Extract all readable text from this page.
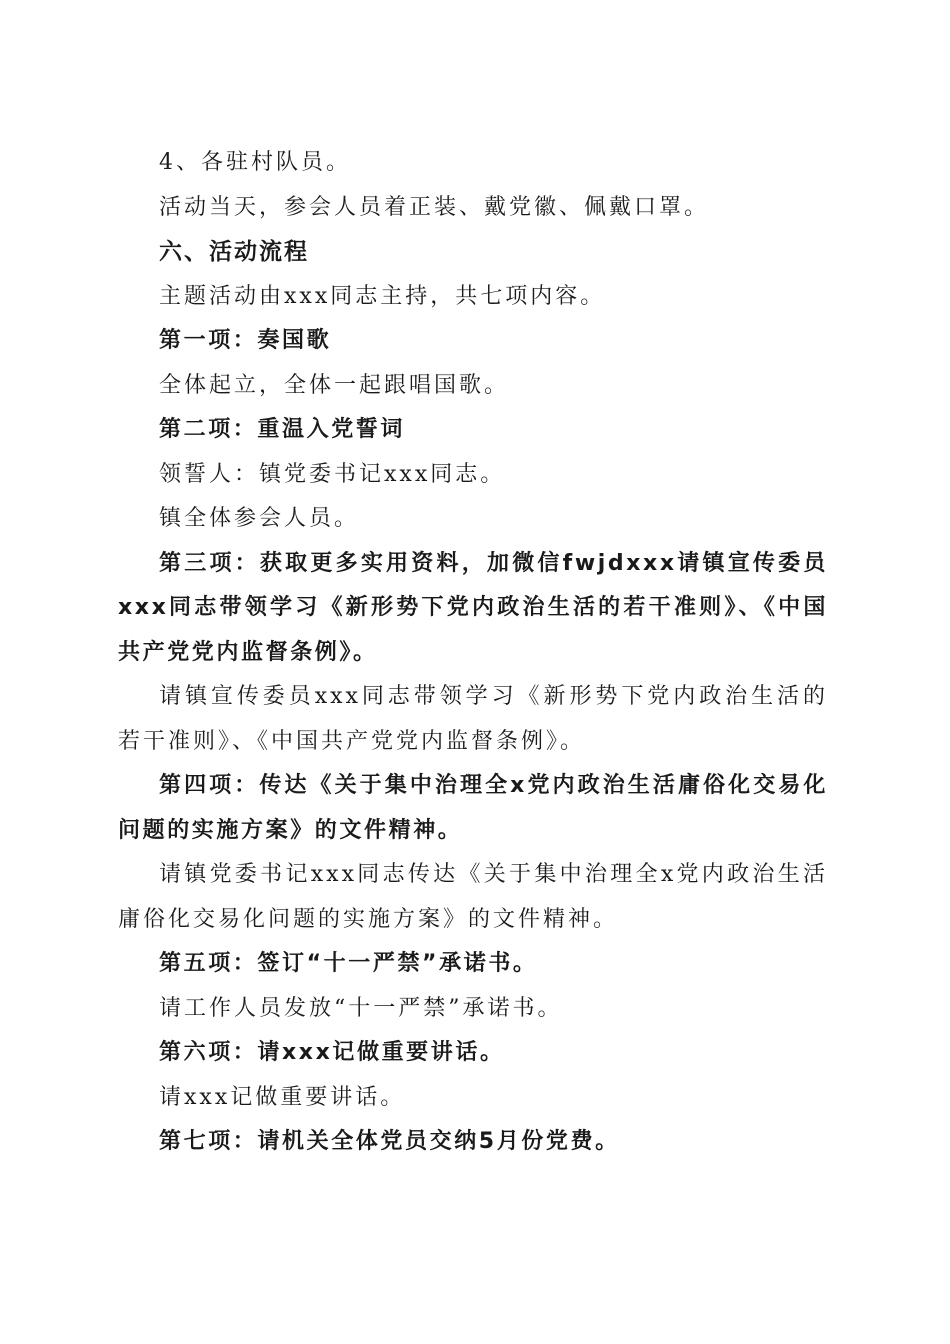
4、各驻村队员。
活动当天，参会人员着正装、戴党徽、佩戴口罩。
六、活动流程
主题活动由xxx同志主持，共七项内容。
第一项：奏国歌
全体起立，全体一起跟唱国歌。
第二项：重温入党誓词
领誓人：镇党委书记xxx同志。
镇全体参会人员。
第三项：获取更多实用资料，加微信fwjdxxx请镇宣传委员xxx同志带领学习《新形势下党内政治生活的若干准则》、《中国共产党党内监督条例》。
请镇宣传委员xxx同志带领学习《新形势下党内政治生活的若干准则》、《中国共产党党内监督条例》。
第四项：传达《关于集中治理全x党内政治生活庸俗化交易化问题的实施方案》的文件精神。
请镇党委书记xxx同志传达《关于集中治理全x党内政治生活庸俗化交易化问题的实施方案》的文件精神。
第五项：签订“十一严禁”承诺书。
请工作人员发放“十一严禁”承诺书。
第六项：请xxx记做重要讲话。
请xxx记做重要讲话。
第七项：请机关全体党员交纳5月份党费。
